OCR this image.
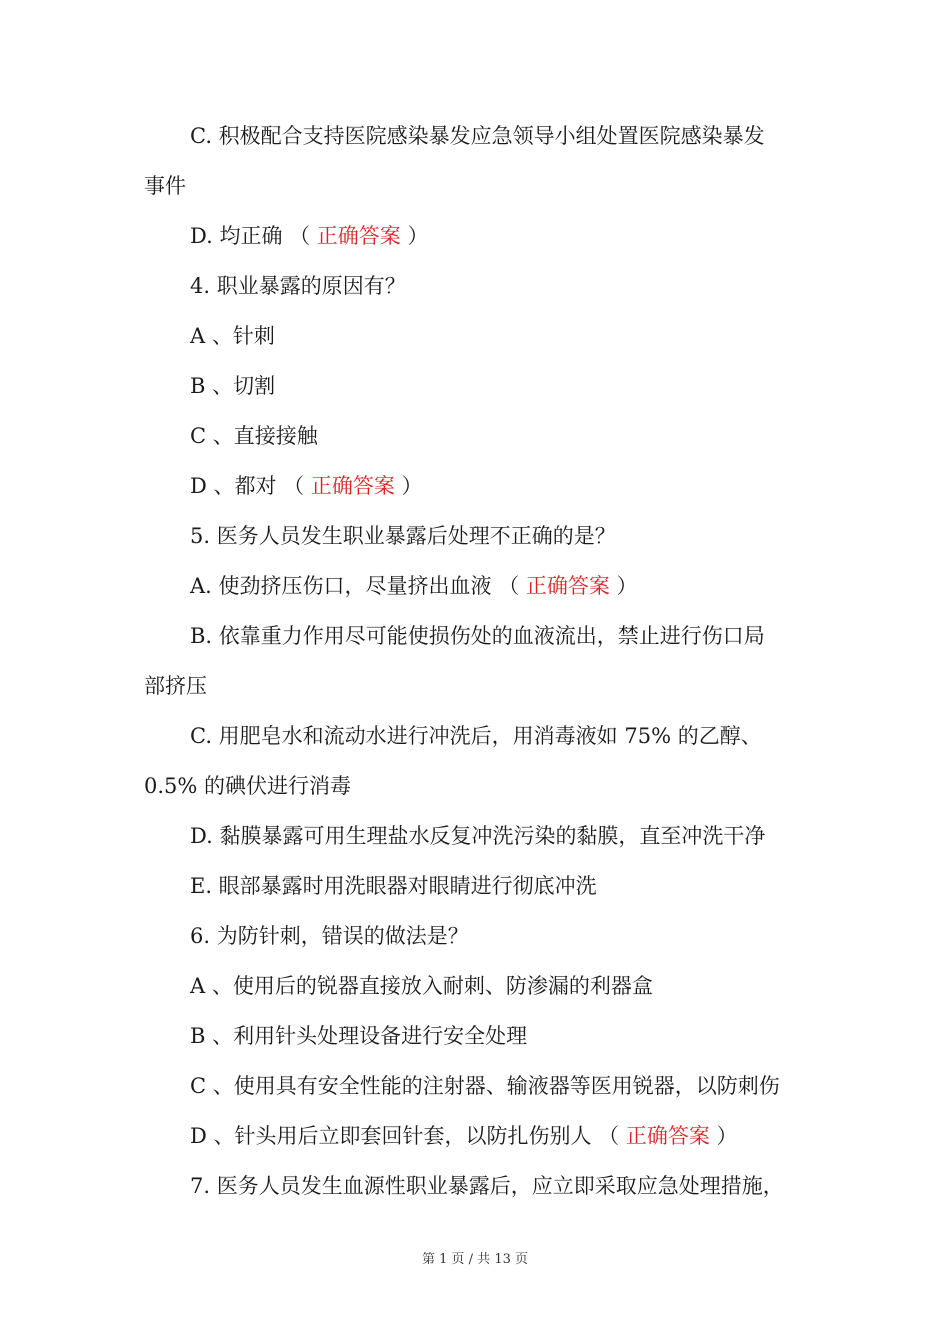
C. 积极配合支持医院感染暴发应急领导小组处置医院感染暴发
事件
D. 均正确 （ 正确答案 ）
4. 职业暴露的原因有？
A 、针刺
B 、切割
C 、直接接触
D 、都对 （ 正确答案 ）
5. 医务人员发生职业暴露后处理不正确的是？
A. 使劲挤压伤口，尽量挤出血液 （ 正确答案 ）
B. 依靠重力作用尽可能使损伤处的血液流出，禁止进行伤口局
部挤压
C. 用肥皂水和流动水进行冲洗后，用消毒液如 75% 的乙醇、
0.5% 的碘伏进行消毒
D. 黏膜暴露可用生理盐水反复冲洗污染的黏膜，直至冲洗干净
E. 眼部暴露时用洗眼器对眼睛进行彻底冲洗
6. 为防针刺，错误的做法是？
A 、使用后的锐器直接放入耐刺、防渗漏的利器盒
B 、利用针头处理设备进行安全处理
C 、使用具有安全性能的注射器、输液器等医用锐器，以防刺伤
D 、针头用后立即套回针套，以防扎伤别人 （ 正确答案 ）
7. 医务人员发生血源性职业暴露后，应立即采取应急处理措施，
第 1 页 / 共 13 页
